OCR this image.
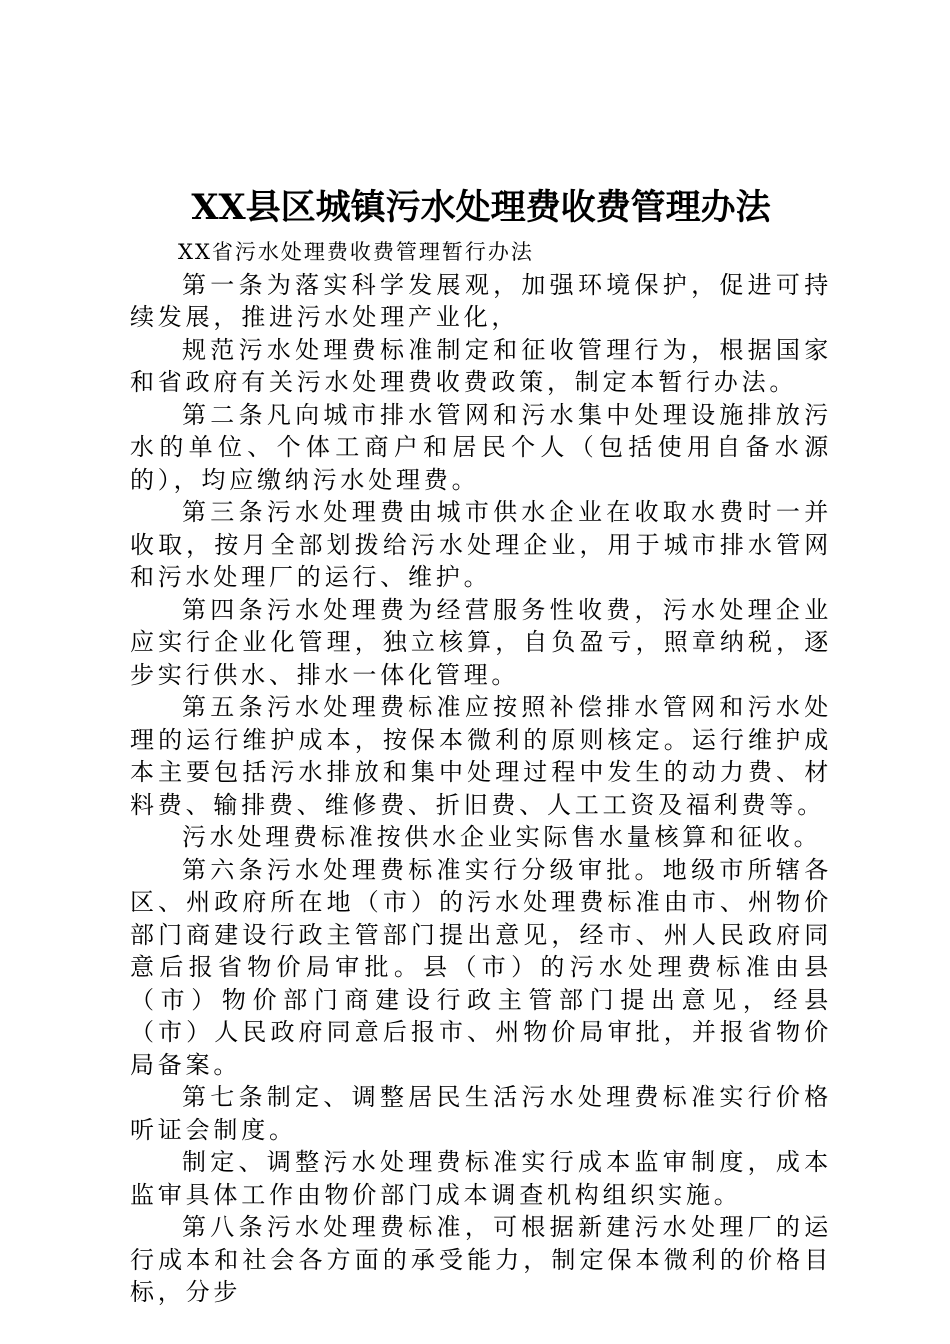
XX县区城镇污水处理费收费管理办法

XX省污水处理费收费管理暂行办法

第一条为落实科学发展观，加强环境保护，促进可持续发展，推进污水处理产业化，

规范污水处理费标准制定和征收管理行为，根据国家和省政府有关污水处理费收费政策，制定本暂行办法。

第二条凡向城市排水管网和污水集中处理设施排放污水的单位、个体工商户和居民个人（包括使用自备水源的），均应缴纳污水处理费。

第三条污水处理费由城市供水企业在收取水费时一并收取，按月全部划拨给污水处理企业，用于城市排水管网和污水处理厂的运行、维护。

第四条污水处理费为经营服务性收费，污水处理企业应实行企业化管理，独立核算，自负盈亏，照章纳税，逐步实行供水、排水一体化管理。

第五条污水处理费标准应按照补偿排水管网和污水处理的运行维护成本，按保本微利的原则核定。运行维护成本主要包括污水排放和集中处理过程中发生的动力费、材料费、输排费、维修费、折旧费、人工工资及福利费等。

污水处理费标准按供水企业实际售水量核算和征收。

第六条污水处理费标准实行分级审批。地级市所辖各区、州政府所在地（市）的污水处理费标准由市、州物价部门商建设行政主管部门提出意见，经市、州人民政府同意后报省物价局审批。县（市）的污水处理费标准由县（市）物价部门商建设行政主管部门提出意见，经县（市）人民政府同意后报市、州物价局审批，并报省物价局备案。

第七条制定、调整居民生活污水处理费标准实行价格听证会制度。

制定、调整污水处理费标准实行成本监审制度，成本监审具体工作由物价部门成本调查机构组织实施。

第八条污水处理费标准，可根据新建污水处理厂的运行成本和社会各方面的承受能力，制定保本微利的价格目标，分步
